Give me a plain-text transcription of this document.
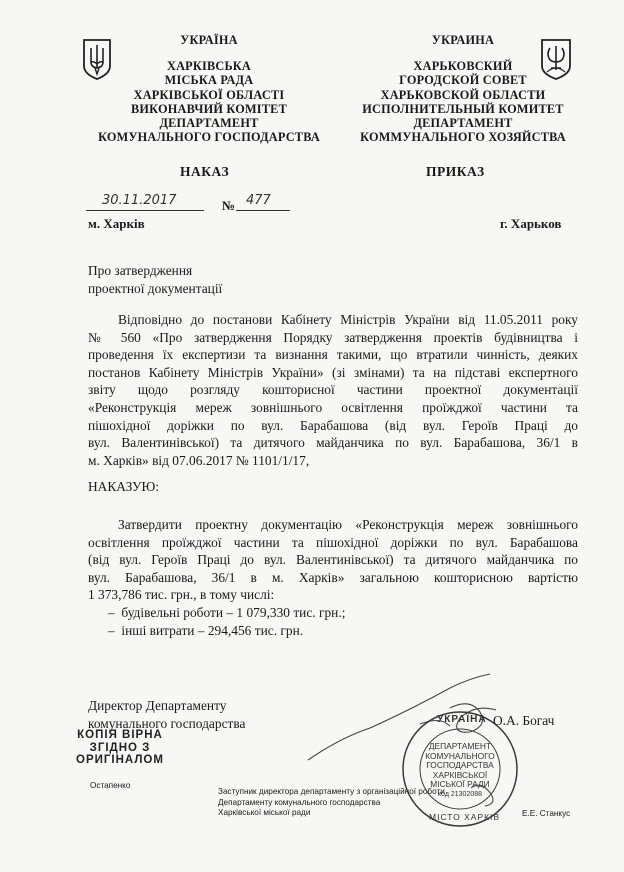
УКРАЇНА
ХАРКІВСЬКА
МІСЬКА РАДА
ХАРКІВСЬКОЇ ОБЛАСТІ
ВИКОНАВЧИЙ КОМІТЕТ
ДЕПАРТАМЕНТ
КОМУНАЛЬНОГО ГОСПОДАРСТВА
УКРАИНА
ХАРЬКОВСКИЙ
ГОРОДСКОЙ СОВЕТ
ХАРЬКОВСКОЙ ОБЛАСТИ
ИСПОЛНИТЕЛЬНЫЙ КОМИТЕТ
ДЕПАРТАМЕНТ
КОММУНАЛЬНОГО ХОЗЯЙСТВА
НАКАЗ	ПРИКАЗ
30.11.2017	№ 477
м. Харків	г. Харьков
Про затвердження
проектної документації
Відповідно до постанови Кабінету Міністрів України від 11.05.2011 року
№ 560 «Про затвердження Порядку затвердження проектів будівництва і
проведення їх експертизи та визнання такими, що втратили чинність, деяких
постанов Кабінету Міністрів України» (зі змінами) та на підставі експертного
звіту щодо розгляду кошторисної частини проектної документації
«Реконструкція мереж зовнішнього освітлення проїжджої частини та
пішохідної доріжки по вул. Барабашова (від вул. Героїв Праці до
вул. Валентинівської) та дитячого майданчика по вул. Барабашова, 36/1 в
м. Харків» від 07.06.2017 № 1101/1/17,
НАКАЗУЮ:
Затвердити проектну документацію «Реконструкція мереж зовнішнього
освітлення проїжджої частини та пішохідної доріжки по вул. Барабашова
(від вул. Героїв Праці до вул. Валентинівської) та дитячого майданчика по
вул. Барабашова, 36/1 в м. Харків» загальною кошторисною вартістю
1 373,786 тис. грн., в тому числі:
–  будівельні роботи – 1 079,330 тис. грн.;
–  інші витрати – 294,456 тис. грн.
Директор Департаменту
комунального господарства	О.А. Богач
КОПІЯ ВІРНА
ЗГІДНО З
ОРИГІНАЛОМ
УКРАЇНА
ДЕПАРТАМЕНТ
КОМУНАЛЬНОГО
ГОСПОДАРСТВА
ХАРКІВСЬКОЇ
МІСЬКОЇ РАДИ
код 21302088
МІСТО ХАРКІВ
Остапенко
Заступник директора департаменту з організаційної роботи
Департаменту комунального господарства
Харківської міської ради	Е.Е. Станкус
